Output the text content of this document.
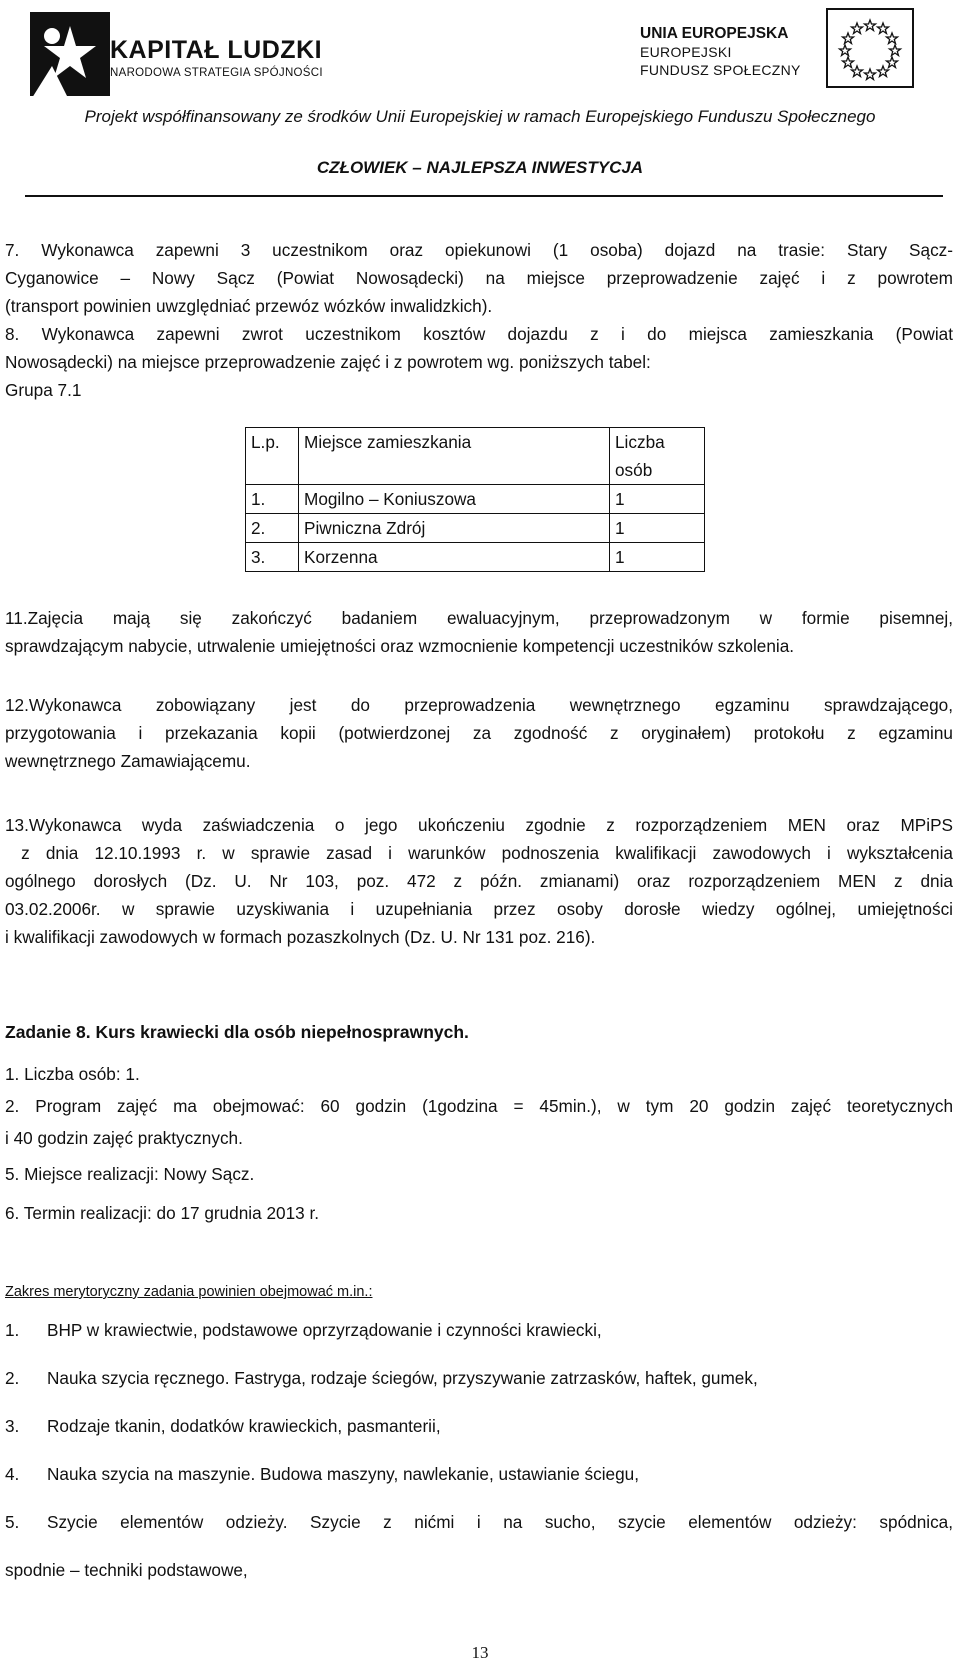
KAPITAŁ LUDZKI
NARODOWA STRATEGIA SPÓJNOŚCI
UNIA EUROPEJSKA
EUROPEJSKI
FUNDUSZ SPOŁECZNY
Projekt współfinansowany ze środków Unii Europejskiej w ramach Europejskiego Funduszu Społecznego
CZŁOWIEK – NAJLEPSZA INWESTYCJA
7. Wykonawca zapewni 3 uczestnikom oraz opiekunowi (1 osoba) dojazd na trasie: Stary Sącz-
Cyganowice – Nowy Sącz (Powiat Nowosądecki) na miejsce przeprowadzenie zajęć i z powrotem
(transport powinien uwzględniać przewóz wózków inwalidzkich).
8. Wykonawca zapewni zwrot uczestnikom kosztów dojazdu z i do miejsca zamieszkania (Powiat
Nowosądecki) na miejsce przeprowadzenie zajęć i z powrotem wg. poniższych tabel:
Grupa 7.1
L.p.	Miejsce zamieszkania	Liczba osób
1.	Mogilno – Koniuszowa	1
2.	Piwniczna Zdrój	1
3.	Korzenna	1
11.Zajęcia mają się zakończyć badaniem ewaluacyjnym, przeprowadzonym w formie pisemnej,
sprawdzającym nabycie, utrwalenie umiejętności oraz wzmocnienie kompetencji uczestników szkolenia.
12.Wykonawca zobowiązany jest do przeprowadzenia wewnętrznego egzaminu sprawdzającego,
przygotowania i przekazania kopii (potwierdzonej za zgodność z oryginałem) protokołu z egzaminu
wewnętrznego Zamawiającemu.
13.Wykonawca wyda zaświadczenia o jego ukończeniu zgodnie z rozporządzeniem MEN oraz MPiPS
z dnia 12.10.1993 r. w sprawie zasad i warunków podnoszenia kwalifikacji zawodowych i wykształcenia
ogólnego dorosłych (Dz. U. Nr 103, poz. 472 z późn. zmianami) oraz rozporządzeniem MEN z dnia
03.02.2006r. w sprawie uzyskiwania i uzupełniania przez osoby dorosłe wiedzy ogólnej, umiejętności
i kwalifikacji zawodowych w formach pozaszkolnych (Dz. U. Nr 131 poz. 216).
Zadanie 8. Kurs krawiecki dla osób niepełnosprawnych.
1. Liczba osób: 1.
2. Program zajęć ma obejmować: 60 godzin (1godzina = 45min.), w tym 20 godzin zajęć teoretycznych
i 40 godzin zajęć praktycznych.
5. Miejsce realizacji: Nowy Sącz.
6. Termin realizacji: do 17 grudnia 2013 r.
Zakres merytoryczny zadania powinien obejmować m.in.:
1. BHP w krawiectwie, podstawowe oprzyrządowanie i czynności krawiecki,
2. Nauka szycia ręcznego. Fastryga, rodzaje ściegów, przyszywanie zatrzasków, haftek, gumek,
3. Rodzaje tkanin, dodatków krawieckich, pasmanterii,
4. Nauka szycia na maszynie. Budowa maszyny, nawlekanie, ustawianie ściegu,
5.	Szycie elementów odzieży. Szycie z nićmi i na sucho, szycie elementów odzieży: spódnica,
spodnie – techniki podstawowe,
13
